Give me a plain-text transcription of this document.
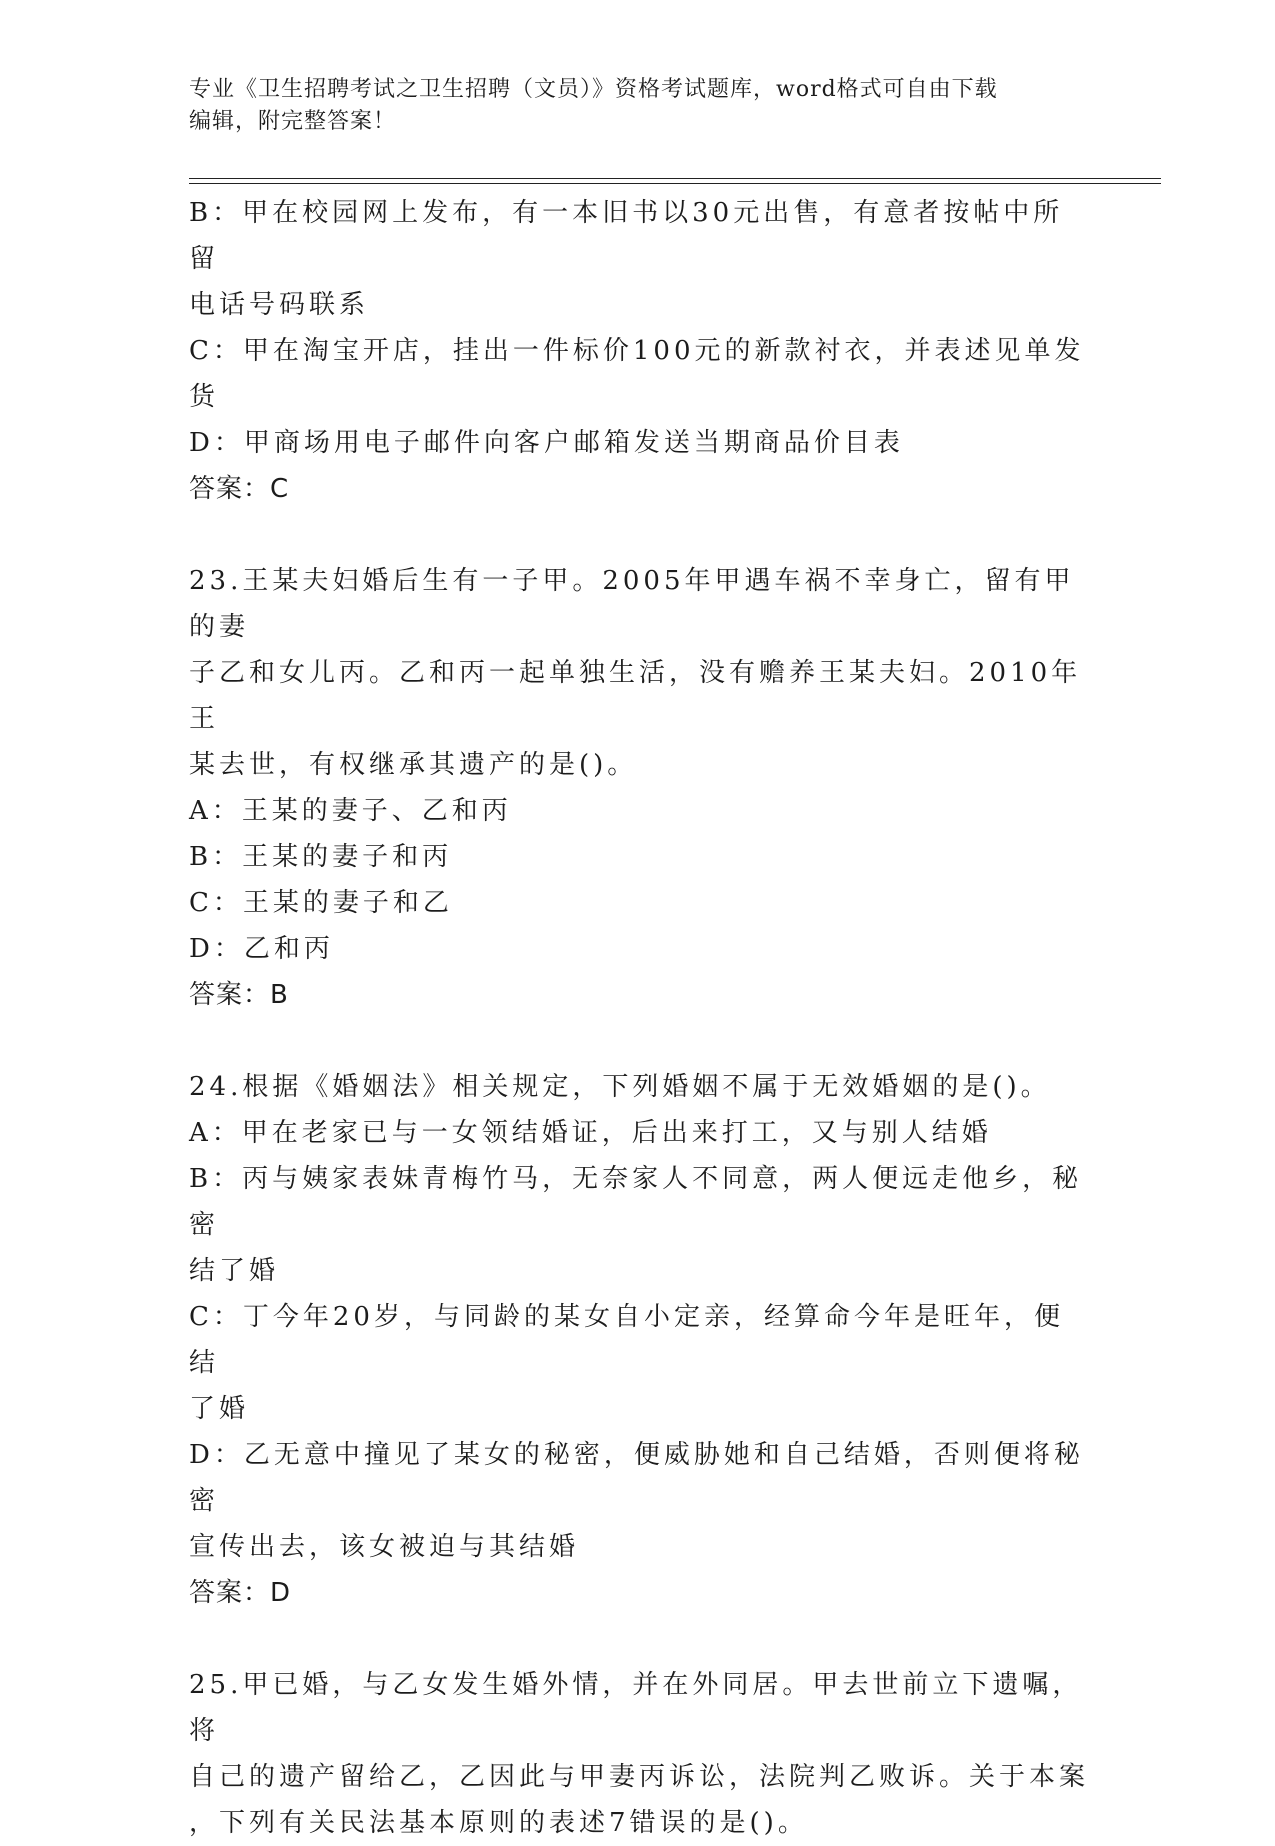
专业《卫生招聘考试之卫生招聘（文员）》资格考试题库，word格式可自由下载
编辑，附完整答案！

B：甲在校园网上发布，有一本旧书以30元出售，有意者按帖中所留

电话号码联系

C：甲在淘宝开店，挂出一件标价100元的新款衬衣，并表述见单发货

D：甲商场用电子邮件向客户邮箱发送当期商品价目表

答案：C

23.王某夫妇婚后生有一子甲。2005年甲遇车祸不幸身亡，留有甲的妻

子乙和女儿丙。乙和丙一起单独生活，没有赡养王某夫妇。2010年王

某去世，有权继承其遗产的是()。

A：王某的妻子、乙和丙

B：王某的妻子和丙

C：王某的妻子和乙

D：乙和丙

答案：B

24.根据《婚姻法》相关规定，下列婚姻不属于无效婚姻的是()。

A：甲在老家已与一女领结婚证，后出来打工，又与别人结婚

B：丙与姨家表妹青梅竹马，无奈家人不同意，两人便远走他乡，秘密

结了婚

C：丁今年20岁，与同龄的某女自小定亲，经算命今年是旺年，便结

了婚

D：乙无意中撞见了某女的秘密，便威胁她和自己结婚，否则便将秘密

宣传出去，该女被迫与其结婚

答案：D

25.甲已婚，与乙女发生婚外情，并在外同居。甲去世前立下遗嘱，将

自己的遗产留给乙，乙因此与甲妻丙诉讼，法院判乙败诉。关于本案

，下列有关民法基本原则的表述7错误的是()。
